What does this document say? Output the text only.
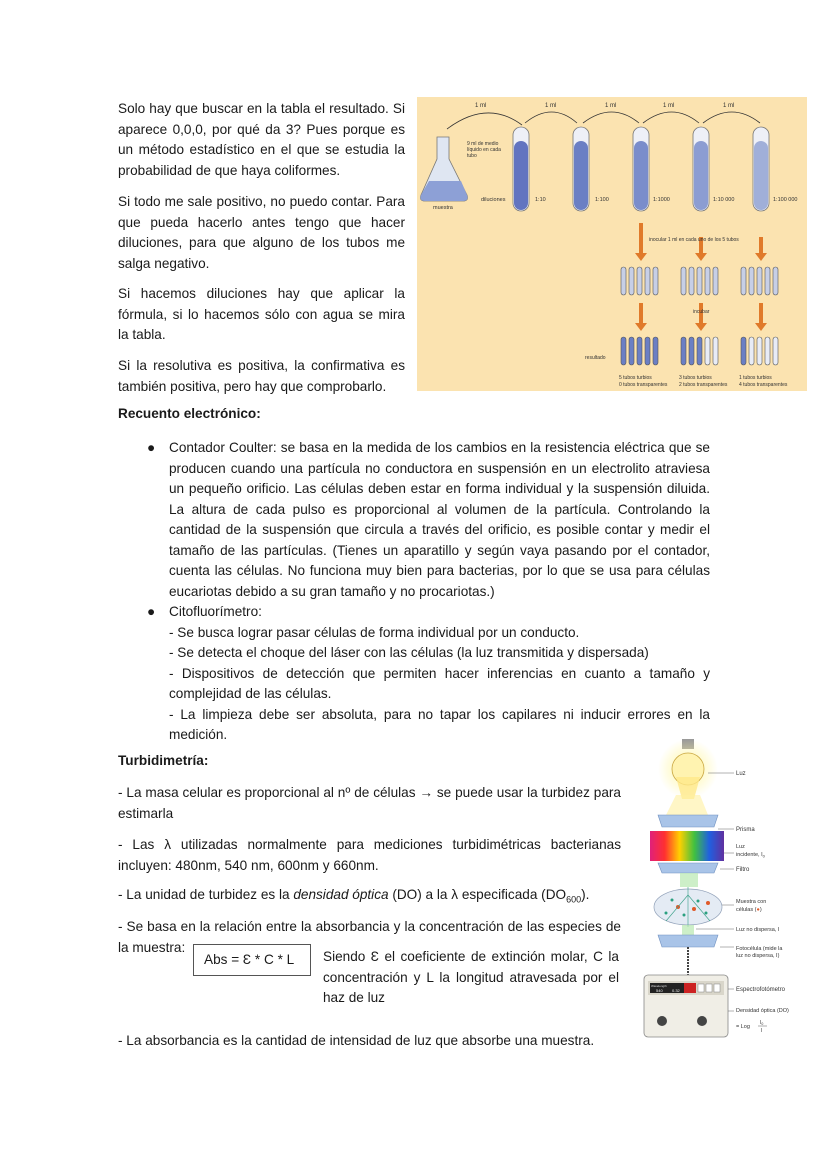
Solo hay que buscar en la tabla el resultado. Si aparece 0,0,0, por qué da 3? Pues porque es un método estadístico en el que se estudia la probabilidad de que haya coliformes.

Si todo me sale positivo, no puedo contar. Para que pueda hacerlo antes tengo que hacer diluciones, para que alguno de los tubos me salga negativo.

Si hacemos diluciones hay que aplicar la fórmula, si lo hacemos sólo con agua se mira la tabla.

Si la resolutiva es positiva, la confirmativa es también positiva, pero hay que comprobarlo.

1 ml	1 ml	1 ml	1 ml	1 ml
muestra
9 ml de medio
líquido en cada
tubo
diluciones	1:10	1:100	1:1000	1:10 000	1:100 000
inocular 1 ml en cada uno de los 5 tubos
incubar
resultado
5 tubos turbios
0 tubos transparentes
3 tubos turbios
2 tubos transparentes
1 tubos turbios
4 tubos transparentes

Recuento electrónico:

● Contador Coulter: se basa en la medida de los cambios en la resistencia eléctrica que se producen cuando una partícula no conductora en suspensión en un electrolito atraviesa un pequeño orificio. Las células deben estar en forma individual y la suspensión diluida. La altura de cada pulso es proporcional al volumen de la partícula. Controlando la cantidad de la suspensión que circula a través del orificio, es posible contar y medir el tamaño de las partículas. (Tienes un aparatillo y según vaya pasando por el contador, cuenta las células. No funciona muy bien para bacterias, por lo que se usa para células eucariotas debido a su gran tamaño y no procariotas.)
● Citofluorímetro:
- Se busca lograr pasar células de forma individual por un conducto.
- Se detecta el choque del láser con las células (la luz transmitida y dispersada)
- Dispositivos de detección que permiten hacer inferencias en cuanto a tamaño y complejidad de las células.
- La limpieza debe ser absoluta, para no tapar los capilares ni inducir errores en la medición.

Turbidimetría:

- La masa celular es proporcional al nº de células → se puede usar la turbidez para estimarla

- Las λ utilizadas normalmente para mediciones turbidimétricas bacterianas incluyen: 480nm, 540 nm, 600nm y 660nm.

- La unidad de turbidez es la densidad óptica (DO) a la λ especificada $(DO_{600})$.

- Se basa en la relación entre la absorbancia y la concentración de las especies de la muestra:

Abs = Ɛ * C * L Siendo Ɛ el coeficiente de extinción molar, C la concentración y L la longitud atravesada por el haz de luz

- La absorbancia es la cantidad de intensidad de luz que absorbe una muestra.

Luz
Prisma
Luz
incidente, $I_0$
Filtro
Muestra con
células (●)
Luz no dispersa, I
Fotocélula (mide la
luz no dispersa, I)
Wavelength
540 0.32	Espectrofotómetro
Densidad óptica (DO)
= Log
$I_0$
I
